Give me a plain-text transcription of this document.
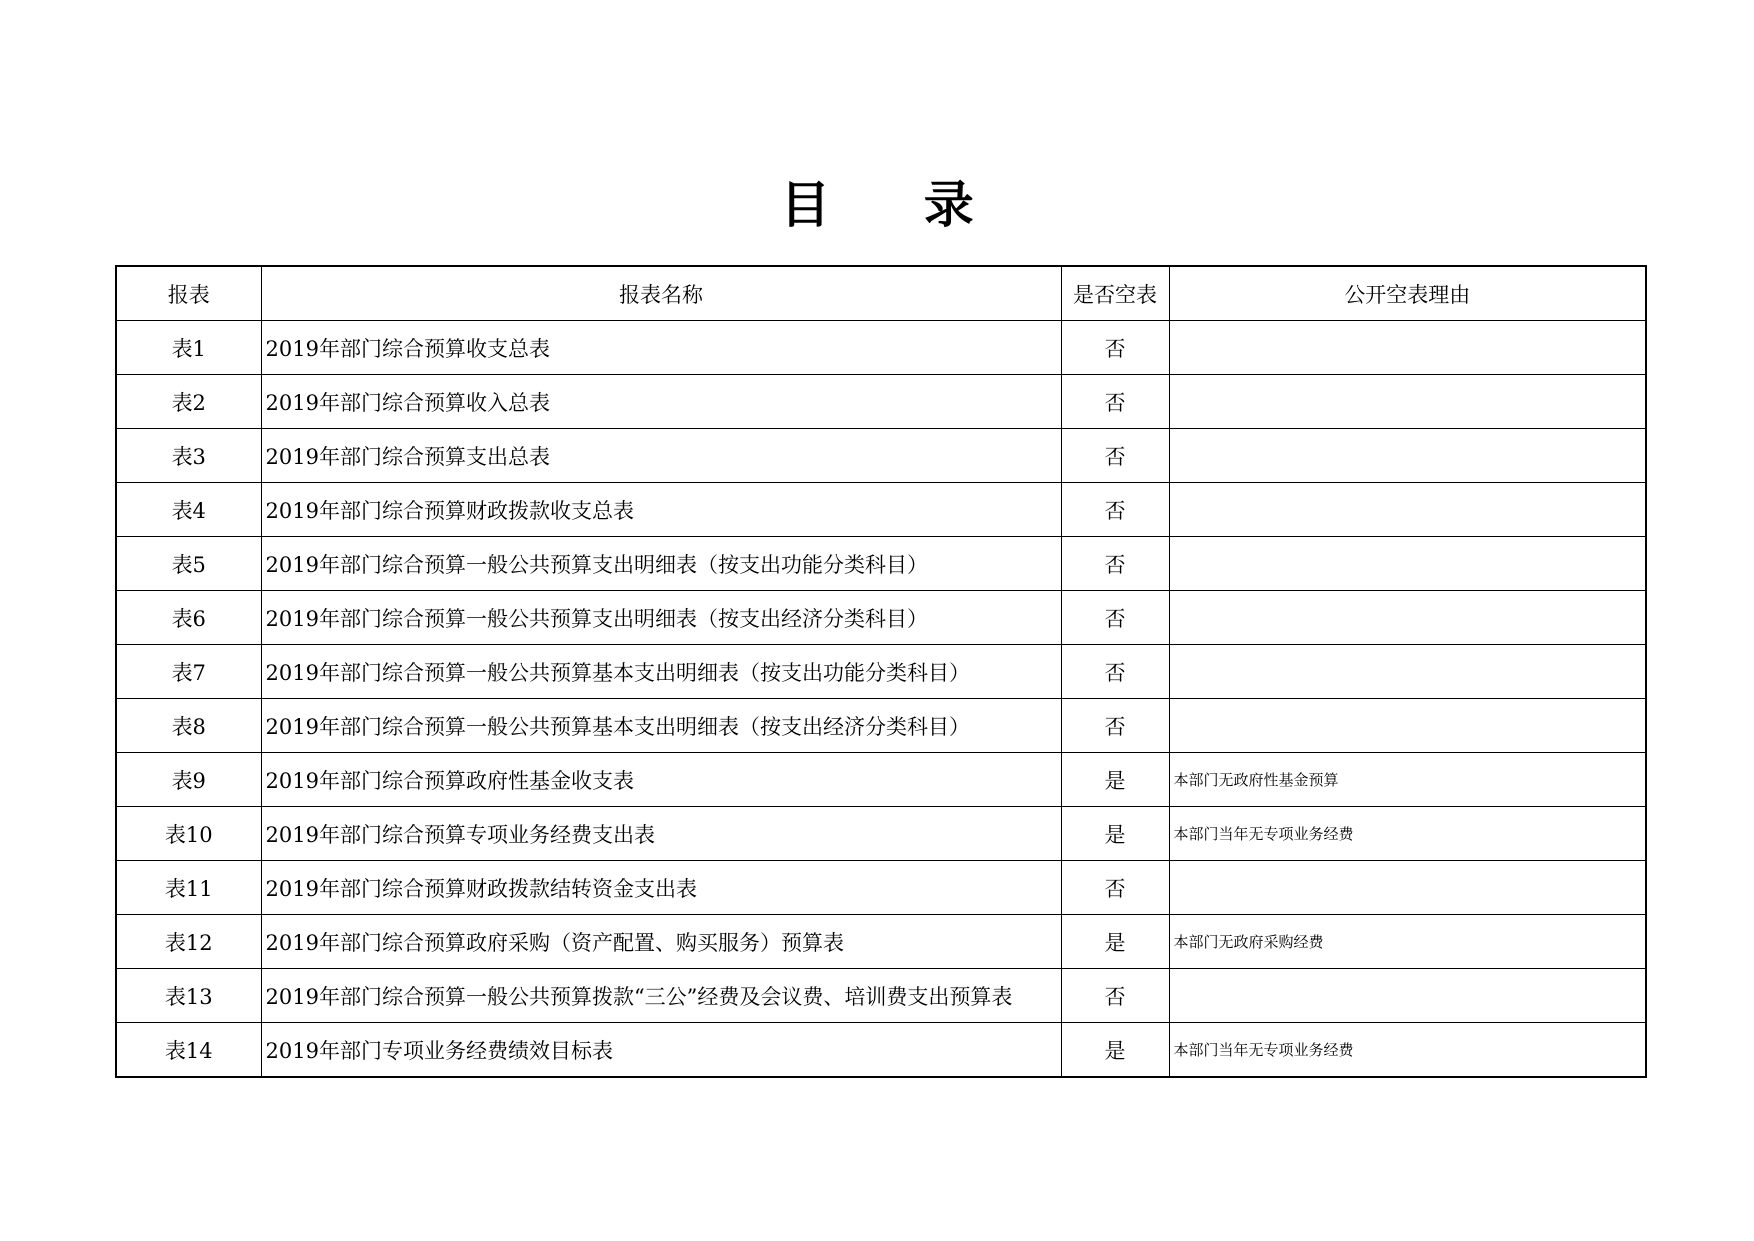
目 录
报表	报表名称	是否空表	公开空表理由
表1	2019年部门综合预算收支总表	否	
表2	2019年部门综合预算收入总表	否	
表3	2019年部门综合预算支出总表	否	
表4	2019年部门综合预算财政拨款收支总表	否	
表5	2019年部门综合预算一般公共预算支出明细表（按支出功能分类科目）	否	
表6	2019年部门综合预算一般公共预算支出明细表（按支出经济分类科目）	否	
表7	2019年部门综合预算一般公共预算基本支出明细表（按支出功能分类科目）	否	
表8	2019年部门综合预算一般公共预算基本支出明细表（按支出经济分类科目）	否	
表9	2019年部门综合预算政府性基金收支表	是	本部门无政府性基金预算
表10	2019年部门综合预算专项业务经费支出表	是	本部门当年无专项业务经费
表11	2019年部门综合预算财政拨款结转资金支出表	否	
表12	2019年部门综合预算政府采购（资产配置、购买服务）预算表	是	本部门无政府采购经费
表13	2019年部门综合预算一般公共预算拨款“三公”经费及会议费、培训费支出预算表	否	
表14	2019年部门专项业务经费绩效目标表	是	本部门当年无专项业务经费
